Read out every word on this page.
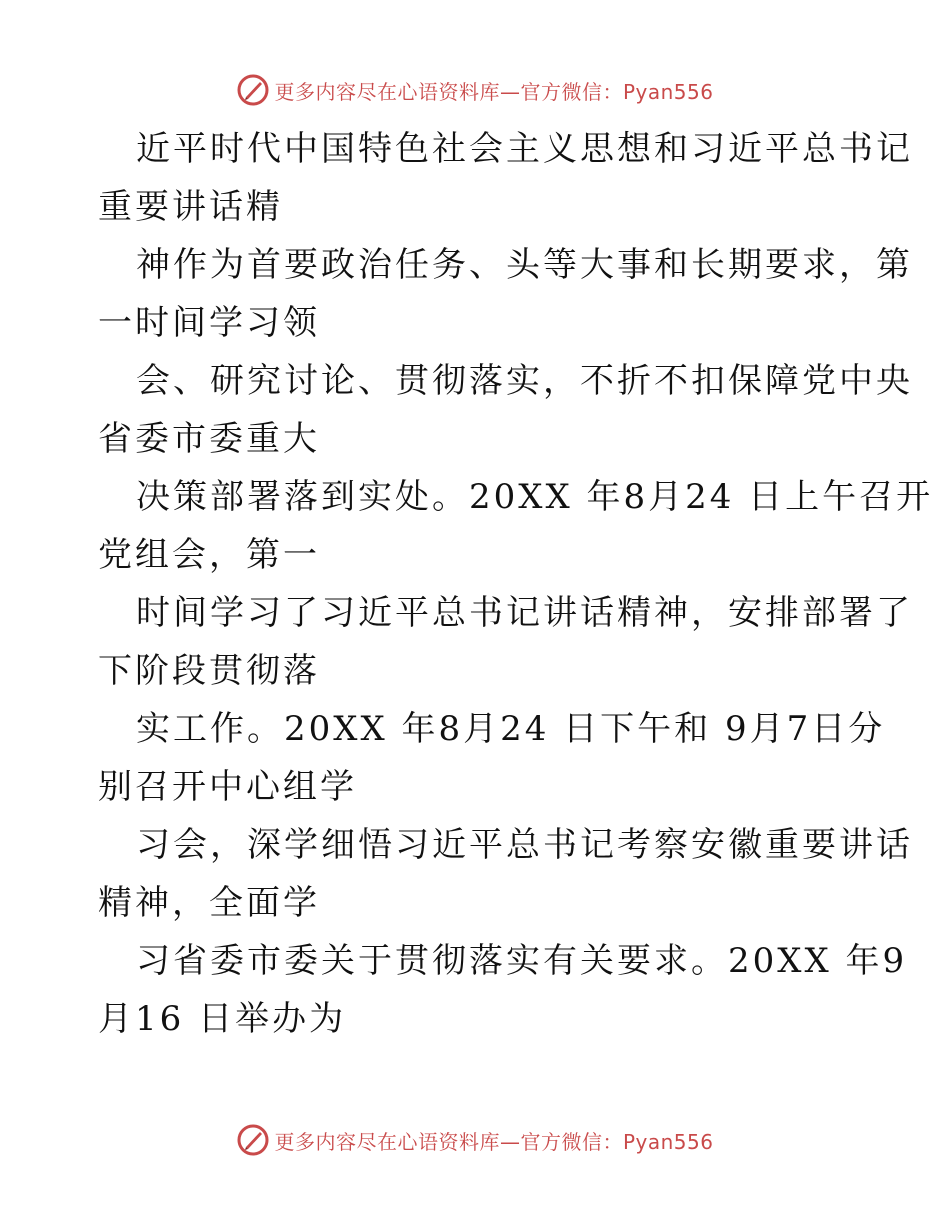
更多内容尽在心语资料库—官方微信：Pyan556
近平时代中国特色社会主义思想和习近平总书记
重要讲话精
神作为首要政治任务、头等大事和长期要求，第
一时间学习领
会、研究讨论、贯彻落实，不折不扣保障党中央
省委市委重大
决策部署落到实处。20XX 年8月24 日上午召开
党组会，第一
时间学习了习近平总书记讲话精神，安排部署了
下阶段贯彻落
实工作。20XX 年8月24 日下午和 9月7日分
别召开中心组学
习会，深学细悟习近平总书记考察安徽重要讲话
精神，全面学
习省委市委关于贯彻落实有关要求。20XX 年9
月16 日举办为
更多内容尽在心语资料库—官方微信：Pyan556
